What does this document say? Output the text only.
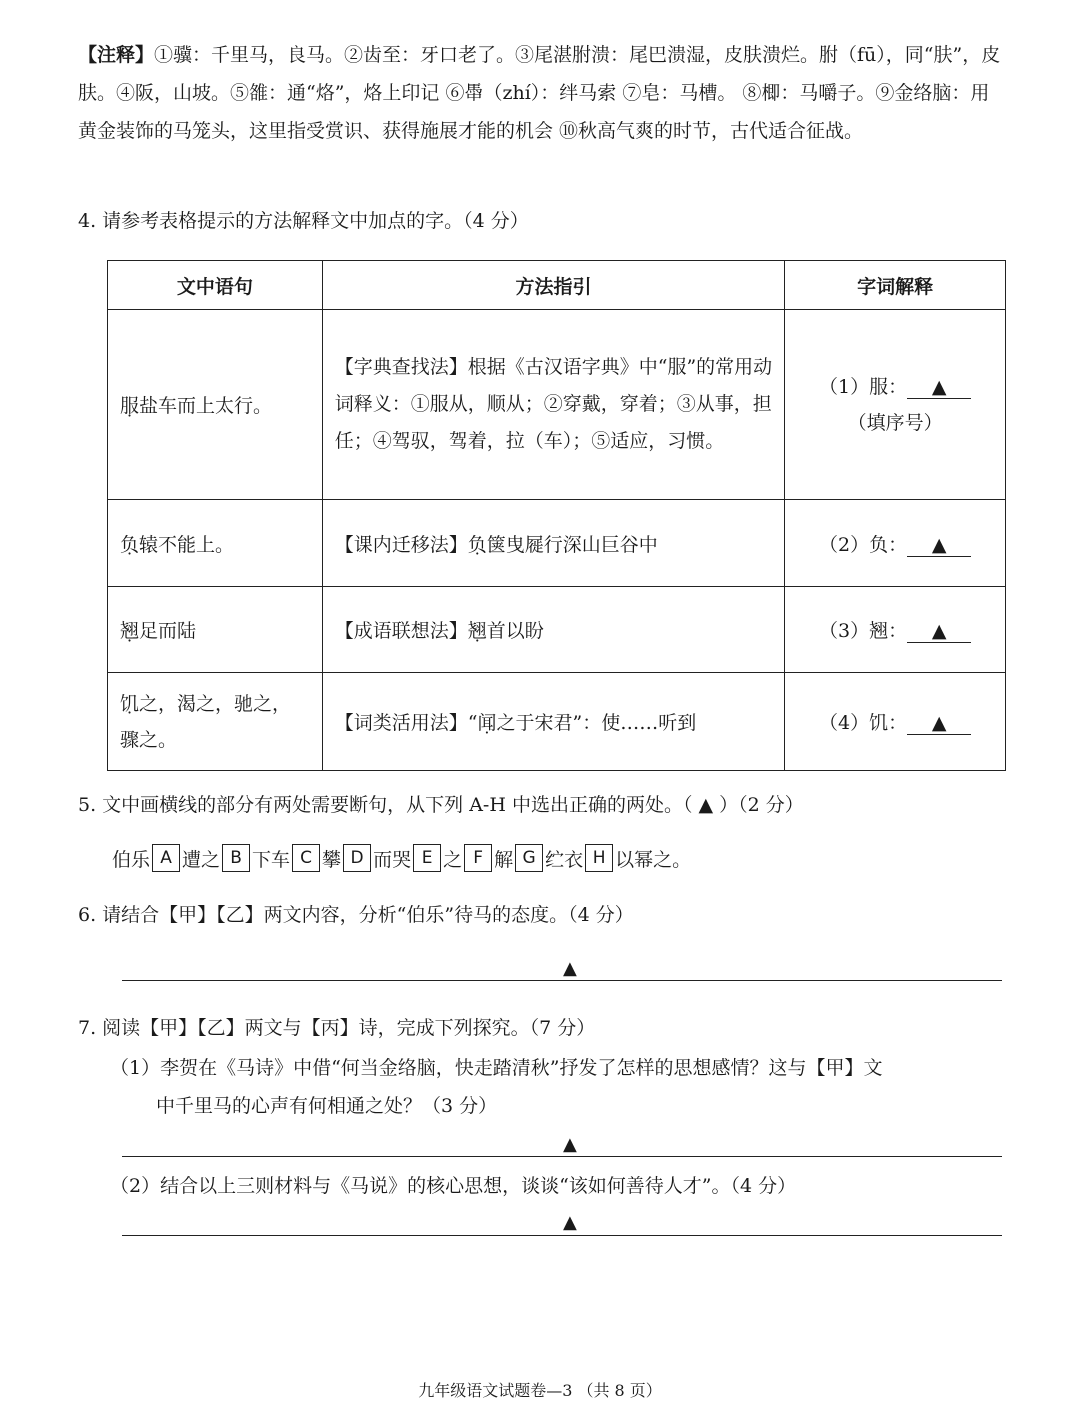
【注释】①骥：千里马，良马。②齿至：牙口老了。③尾湛胕溃：尾巴溃湿，皮肤溃烂。胕（fū），同“肤”，皮肤。④阪，山坡。⑤雒：通“烙”，烙上印记 ⑥馽（zhí）：绊马索 ⑦皂：马槽。 ⑧楖：马嚼子。⑨金络脑：用黄金装饰的马笼头，这里指受赏识、获得施展才能的机会 ⑩秋高气爽的时节，古代适合征战。
4. 请参考表格提示的方法解释文中加点的字。（4 分）
文中语句	方法指引	字词解释
服盐车而上太行。	【字典查找法】根据《古汉语字典》中“服”的常用动词释义：①服从，顺从；②穿戴，穿着；③从事，担任；④驾驭，驾着，拉（车）；⑤适应，习惯。	（1）服： ▲
（填序号）

负辕不能上。	【课内迁移法】负箧曳屣行深山巨谷中	（2）负： ▲
翘足而陆	【成语联想法】翘首以盼	（3）翘： ▲
饥之，渴之，驰之，骤之。	【词类活用法】“闻之于宋君”：使……听到	（4）饥： ▲
5. 文中画横线的部分有两处需要断句，从下列 A-H 中选出正确的两处。（ ▲ ）（2 分）
伯乐 A 遭之 B 下车 C 攀 D 而哭 E 之 F 解 G 纻衣 H 以幂之。
6. 请结合【甲】【乙】两文内容，分析“伯乐”待马的态度。（4 分）
▲
7. 阅读【甲】【乙】两文与【丙】诗，完成下列探究。（7 分）
（1）李贺在《马诗》中借“何当金络脑，快走踏清秋”抒发了怎样的思想感情？这与【甲】文
中千里马的心声有何相通之处？（3 分）
▲
（2）结合以上三则材料与《马说》的核心思想，谈谈“该如何善待人才”。（4 分）
▲
九年级语文试题卷—3 （共 8 页）
